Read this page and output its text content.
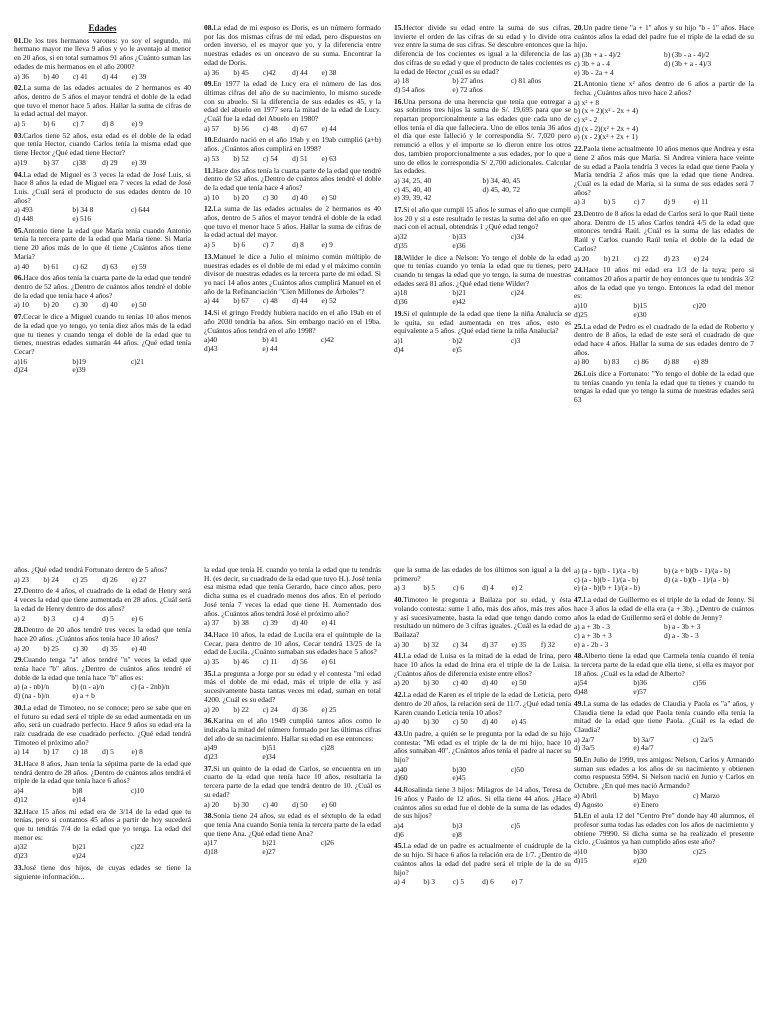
Edades
01.De los tres hermanos varones: yo soy el segundo, mi hermano mayor me lleva 9 años y yo le aventajo al menor en 20 años, si en total sumamos 91 años ¿Cuánto suman las edades de mis hermanos en el año 2000?
a) 36	b) 40	c) 41	d) 44	e) 39
02.La suma de las edades actuales de 2 hermanos es 40 años, dentro de 5 años el mayor tendrá el doble de la edad que tuvo el menor hace 5 años. Hallar la suma de cifras de la edad actual del mayor.
a) 5	b) 6	c) 7	d) 8	e) 9
03.Carlos tiene 52 años, esta edad es el doble de la edad que tenía Hector, cuando Carlos tenía la misma edad que tiene Hector ¿Qué edad tiene Hector?
a)19	b) 37	c)38	d) 29	e) 39
04.La edad de Miguel es 3 veces la edad de José Luis, si hace 8 años la edad de Miguel era 7 veces la edad de José Luis. ¿Cuál será el producto de sus edades dentro de 10 años?
a) 493	b) 34 8	c) 644
d) 448	e) 516
05.Antonio tiene la edad que María tenía cuando Antonio tenía la tercera parte de la edad que María tiene. Si María tiene 20 años más de lo que él tiene ¿Cuántos años tiene María?
a) 40	b) 61	c) 62	d) 63	e) 59
06.Hace dos años tenía la cuarta parte de la edad que tendré dentro de 52 años. ¿Dentro de cuántos años tendré el doble de la edad que tenía hace 4 años?
a) 10	b) 20	c) 30	d) 40	e) 50
07.Cecar le dice a Miguel cuando tu tenías 10 años menos de la edad que yo tengo, yo tenía diez años más de la edad que tu tienes y cuando tenga el doble de la edad que tu tienes, nuestras edades sumarán 44 años. ¿Qué edad tenía Cecar?
a)16	b)19	c)21
d)24	e)39
08.La edad de mi esposo es Doris, es un número formado por las dos mismas cifras de mi edad, pero dispuestos en orden inverso, el es mayor que yo, y la diferencia entre nuestras edades es un onceavo de su suma. Encontrar la edad de Doris.
a) 36	b) 45	c)42	d) 44	e) 38
09.En 1977 la edad de Lucy era el número de las dos últimas cifras del año de su nacimiento, lo mismo sucede con su abuelo. Si la diferencia de sus edades es 45, y la edad del abuelo en 1977 sera la mitad de la edad de Lucy. ¿Cuál fue la edad del Abuelo en 1980?
a) 57	b) 56	c) 48	d) 67	e) 44
10.Eduardo nació en el año 19ab y en 19ab cumplió (a+b) años. ¿Cuántos años cumplirá en 1998?
a) 53	b) 52	c) 54	d) 51	e) 63
11.Hace dos años tenía la cuarta parte de la edad que tendré dentro de 52 años. ¿Dentro de cuántos años tendré el doble de la edad que tenía hace 4 años?
a) 10	b) 20	c) 30	d) 40	e) 50
12.La suma de las edades actuales de 2 hermanos es 40 años, dentro de 5 años el mayor tendrá el doble de la edad que tuvo el menor hace 5 años. Hallar la suma de cifras de la edad actual del mayor.
a) 5	b) 6	c) 7	d) 8	e) 9
13.Manuel le dice a Julio el mínimo común múltiplo de nuestras edades es el doble de mi edad y el máximo común divisor de nuestras edades es la tercera parte de mi edad. Si yo nací 14 años antes ¿Cuántos años cumplirá Manuel en el año de la Refinanciación "Cien Millones de Árboles"?
a) 44	b) 67	c) 48	d) 44	e) 52
14.Si el gringo Freddy hubiera nacido en el año 19ab en el año 2030 tendría ba años. Sin embargo nació en el 19ba. ¿Cuántos años tendrá en el año 1998?
a)40	b) 41	c)42
d)43	e) 44
15.Hector divide su edad entre la suma de sus cifras, invierte el orden de las cifras de su edad y lo divide otra vez entre la suma de sus cifras. Se descubre entonces que la diferencia de los cocientes es igual a la diferencia de las dos cifras de su edad y que el producto de tales cocientes es la edad de Hector ¿cuál es su edad?
a) 18	b) 27 años	c) 81 años
d) 54 años	e) 72 años
16.Una persona de una herencia que tenía que entregar a sus sobrinos tres hijos la suma de S/. 19,695 para que se repartan proporcionalmente a las edades que cada uno de ellos tenía el día que falleciera. Uno de ellos tenía 36 años el día que este falleció y le correspondía S/. 7,020 pero renunció a ellos y el importe se lo dieron entre los otros dos, tambien proporcionalmente a sus edades, por lo que a uno de ellos le correspondía S/ 2,700 adicionales. Calcular las edades.
a) 34, 25, 40	b) 34, 40, 45
c) 45, 40, 40	d) 45, 40, 72
e) 39, 39, 42
17.Si el año que cumplí 15 años le sumas el año que cumplí los 20 y si a este resultado le restas la suma del año en que nací con el actual, obtendrás 1 ¿Qué edad tengo?
a)32	b)33	c)34
d)35	e)36
18.Wilder le dice a Nelson: Yo tengo el doble de la edad que tu tenías cuando yo tenía la edad que tu tienes, pero cuando tu tengas la edad que yo tengo, la suma de nuestras edades será 81 años. ¿Qué edad tiene Wilder?
a)18	b)21	c)24
d)36	e)42
19.Si el quíntuple de la edad que tiene la niña Analucía se le quita, su edad aumentada en tres años, esto es equivalente a 5 años. ¿Qué edad tiene la niña Analucía?
a)1	b)2	c)3
d)4	e)5
20.Un padre tiene "a + 1" años y su hijo "b - 1" años. Hace cuántos años la edad del padre fue el triple de la edad de su hijo.
a) (3b + a - 4)/2	b) (3b - a - 4)/2
c) 3b + a - 4	d) (3b + a - 4)/3
e) 3b - 2a + 4
21.Antonio tiene x² años dentro de 6 años a partir de la fecha. ¿Cuántos años tuvo hace 2 años?
a) x² + 8
b) (x + 2)(x² - 2x + 4)
c) x² - 2
d) (x - 2)(x² + 2x + 4)
e) (x - 2)(x² + 2x + 1)
22.Paola tiene actualmente 10 años menos que Andrea y esta tiene 2 años más que María. Si Andrea viniera hace veinte de su edad a Paola tendría 3 veces la edad que tiene Paola y María tendría 2 años más que la edad que tiene Andrea. ¿Cuál es la edad de María, si la suma de sus edades será 7 años?
a) 3	b) 5	c) 7	d) 9	e) 11
23.Dentro de 8 años la edad de Carlos será lo que Raúl tiene ahora. Dentro de 15 años Carlos tendrá 4/5 de la edad que entonces tendrá Raúl. ¿Cuál es la suma de las edades de Raúl y Carlos cuando Raúl tenía el doble de la edad de Carlos?
a) 20	b) 21	c) 22	d) 23	e) 24
24.Hace 10 años mi edad era 1/3 de la tuya; pero si contamos 20 años a partir de hoy entonces que tu tendrás 3/2 años de la edad que yo tengo. Entonces la edad del menor es:
a)10	b)15	c)20
d)25	e)30
25.La edad de Pedro es el cuadrado de la edad de Roberto y dentro de 8 años, la edad de este será el cuadrado de que edad hace 4 años. Hallar la suma de sus edades dentro de 7 años.
a) 80	b) 83	c) 86	d) 88	e) 89
26.Luis dice a Fortunato: "Yo tengo el doble de la edad que tu tenías cuando yo tenía la edad que tu tienes y cuando tu tengas la edad que yo tengo la suma de nuestras edades será 63
años. ¿Qué edad tendrá Fortunato dentro de 5 años?
a) 23	b) 24	c) 25	d) 26	e) 27
27.Dentro de 4 años, el cuadrado de la edad de Henry será 4 veces la edad que tiene aumentada en 28 años. ¿Cuál será la edad de Henry dentro de dos años?
a) 2	b) 3	c) 4	d) 5	e) 6
28.Dentro de 20 años tendré tres veces la edad que tenía hace 20 años. ¿Cuántos años tenía hace 10 años?
a) 20	b) 25	c) 30	d) 35	e) 40
29.Cuando tenga "a" años tendré "n" veces la edad que tenía hace "b" años. ¿Dentro de cuántos años tendré el doble de la edad que tenía hace "b" años es:
a) (a - nb)/n	b) (n - a)/n	c) (a - 2nb)/n
d) (na - b)/n	e) a + b
30.La edad de Timoteo, no se conoce; pero se sabe que en el futuro su edad será el triple de su edad aumentada en un año, será un cuadrado perfecto. Hace 9 años su edad era la raíz cuadrada de ese cuadrado perfecto. ¿Qué edad tendrá Timoteo el próximo año?
a) 14	b) 17	c) 18	d) 5	e) 8
31.Hace 8 años, Juan tenía la séptima parte de la edad que tendrá dentro de 28 años. ¿Dentro de cuántos años tendrá el triple de la edad que tenía hace 6 años?
a)4	b)8	c)10
d)12	e)14
32.Hace 15 años mi edad era de 3/14 de la edad que tu tenías, pero si contamos 45 años a partir de hoy sucederá que tu tendrás 7/4 de la edad que yo tenga. La edad del menor es:
a)32	b)21	c)22
d)23	e)24
33.José tiene dos hijos, de cuyas edades se tiene la siguiente información...
la edad que tenía H. cuando yo tenía la edad que tu tendrás H. (es decir, su cuadrado de la edad que tuvo H.). José tenía esa misma edad que tenía Gerardo, hace cinco años, pero dicha suma es el cuadrado menos dos años. En el periodo José tenía 7 veces la edad que tiene H. Aumentado dos años. ¿Cuántos años tendrá José el próximo año?
a) 37	b) 38	c) 39	d) 40	e) 41
34.Hace 10 años, la edad de Lucila era el quíntuple de la Cecar, para dentro de 10 años, Cecar tendrá 13/25 de la edad de Lucila. ¿Cuánto sumaban sus edades hace 5 años?
a) 35	b) 46	c) 11	d) 56	e) 61
35.La pregunta a Jorge por su edad y el contesta "mi edad más el doble de mi edad, más el triple de ella y así sucesivamente hasta tantas veces mi edad, suman en total 4200. ¿Cuál es su edad?
a) 20	b) 22	c) 24	d) 36	e) 25
36.Karina en el año 1949 cumplió tantos años como le indicaba la mitad del número formado por las últimas cifras del año de su nacimiento. Hallar su edad en ese entonces:
a)49	b)51	c)28
d)23	e)34
37.Si un quinto de la edad de Carlos, se encuentra en un cuarto de la edad que tenía hace 10 años, resultaría la tercera parte de la edad que tendrá dentro de 10. ¿Cuál es su edad?
a) 20	b) 30	c) 40	d) 50	e) 60
38.Sonia tiene 24 años, su edad es el séxtuplo de la edad que tenía Ana cuando Sonia tenía la tercera parte de la edad que tiene Ana. ¿Qué edad tiene Ana?
a)17	b)21	c)26
d)18	e)27
que la suma de las edades de los últimos son igual a la del primero?
a) 3	b) 5	c) 6	d) 4	e) 2
40.Timoteo le pregunta a Bailaza por su edad, y ésta volando contesta: sume 1 año, más dos años, más tres años y así sucesivamente, hasta la edad que tengo dando como resultado un número de 3 cifras iguales. ¿Cuál es la edad de Bailaza?
a) 30	b) 32	c) 34	d) 37	e) 35	f) 32
41.La edad de Luisa es la mitad de la edad de Irina, pero hace 10 años la edad de Irina era el triple de la de Luisa. ¿Cuántos años de diferencia existe entre ellos?
a) 20	b) 30	c) 40	d) 40	e) 50
42.La edad de Karen es el triple de la edad de Leticia, pero dentro de 20 años, la relación será de 11/7. ¿Qué edad tenía Karen cuando Leticia tenía 10 años?
a) 40	b) 30	c) 50	d) 40	e) 45
43.Un padre, a quién se le pregunta por la edad de su hijo contesta: "Mi edad es el triple de la de mi hijo, hace 10 años sumaban 40". ¿Cuántos años tenía el padre al nacer su hijo?
a)40	b)30	c)50
d)60	e)45
44.Rosalinda tiene 3 hijos: Milagros de 14 años, Teresa de 16 años y Paulo de 12 años. Si ella tiene 44 años. ¿Hace cuántos años su edad fue el doble de la suma de las edades de sus hijos?
a)4	b)3	c)5
d)6	e)8
45.La edad de un padre es actualmente el cuádruple de la de su hijo. Si hace 6 años la relación era de 1/7. ¿Dentro de cuántos años la edad del padre será el triple de la de su hijo?
a) 4	b) 3	c) 5	d) 6	e) 7
a) (a - b)(b - 1)/(a - b)	b) (a + b)(b - 1)/(a - b)
c) (a - b)(b - 1)/(a - b)	d) (a - b)(b - 1)/(a - b)
e) (a - b)(b + 1)/(a - b)
47.La edad de Guillermo es el triple de la edad de Jenny. Si hace 3 años la edad de ella era (a + 3b). ¿Dentro de cuántos años la edad de Guillermo será el doble de Jenny?
a) a + 3b - 3	b) a - 3b + 3
c) a + 3b + 3	d) a - 3b - 3
e) a - 2b - 3
48.Alberto tiene la edad que Carmela tenía cuando él tenía la tercera parte de la edad que ella tiene, si ella es mayor por 18 años. ¿Cuál es la edad de Alberto?
a)54	b)36	c)56
d)48	e)57
49.La suma de las edades de Claudia y Paola es "a" años, y Claudia tiene la edad que Paola tenía cuando ella tenía la mitad de la edad que tiene Paola. ¿Cuál es la edad de Claudia?
a) 2a/7	b) 3a/7	c) 2a/5
d) 3a/5	e) 4a/7
50.En Julio de 1999, tres amigos: Nelson, Carlos y Armando suman sus edades a los años de su nacimiento y obtienen como respuesta 5994. Si Nelson nació en Junio y Carlos en Octubre. ¿En qué mes nació Armando?
a) Abril	b) Mayo	c) Marzo
d) Agosto	e) Enero
51.En el aula 12 del "Centro Pre" donde hay 40 alumnos, el profesor suma todas las edades con los años de nacimiento y obtiene 79990. Si dicha suma se ha realizado el presente ciclo. ¿Cuántos ya han cumplido años este año?
a)10	b)30	c)25
d)15	e)20
